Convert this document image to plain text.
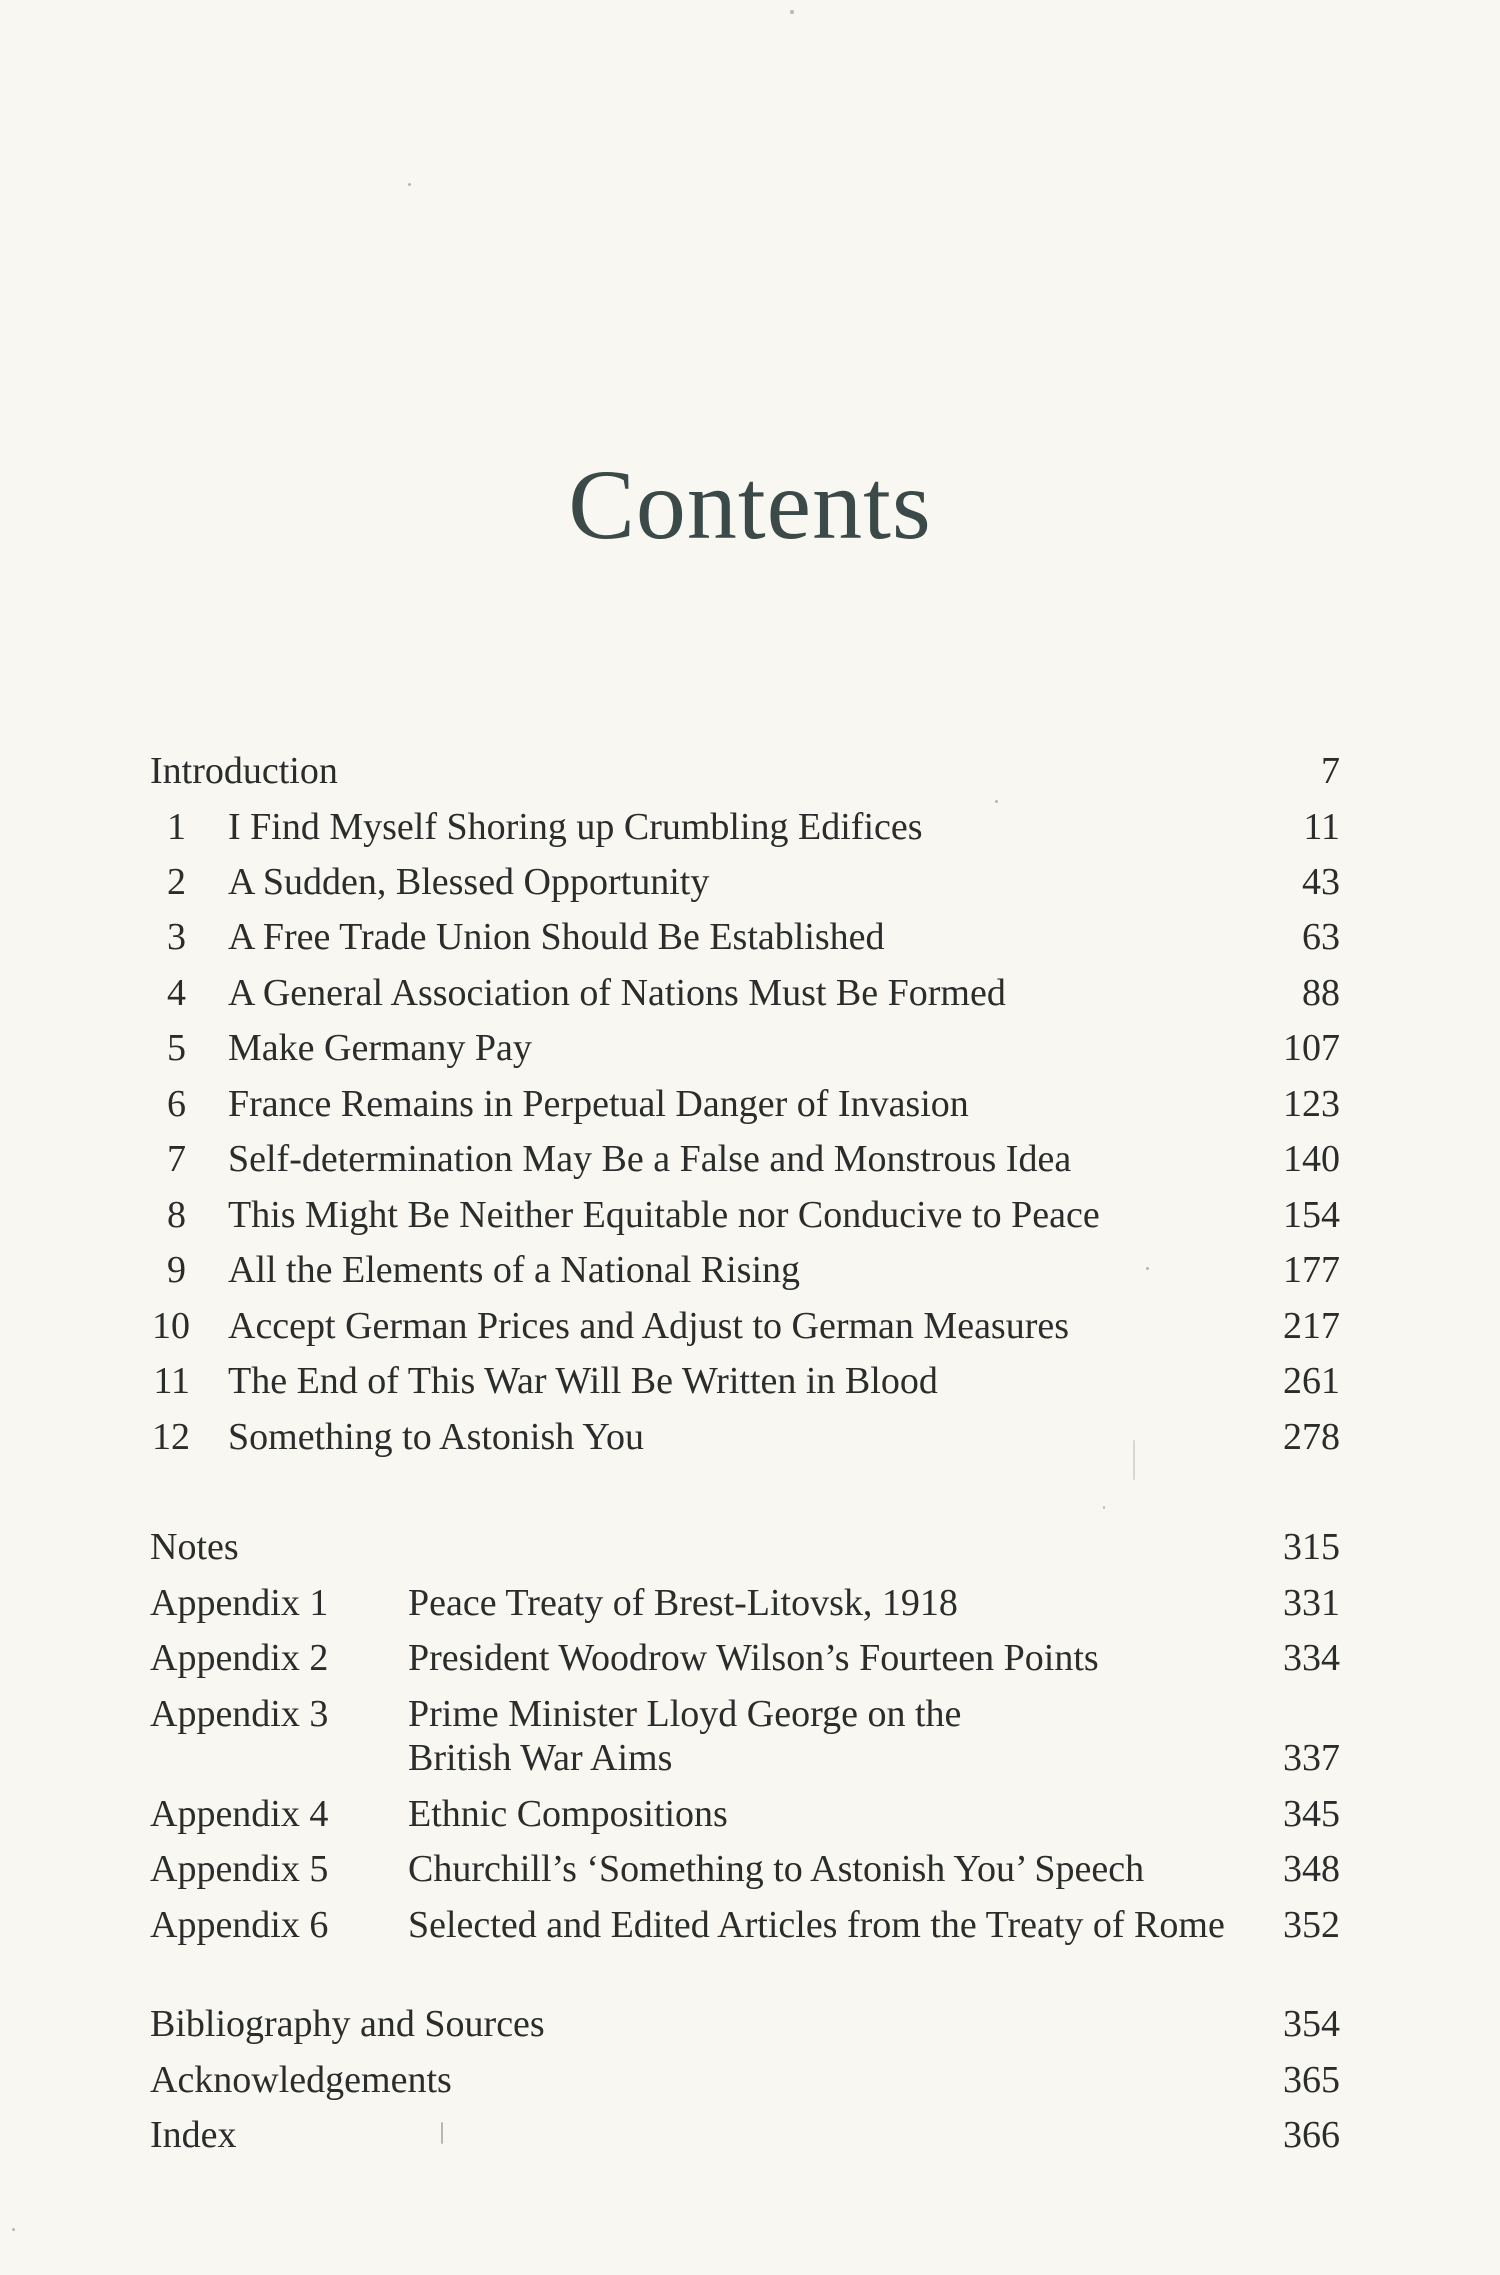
Contents
Introduction	7
1 I Find Myself Shoring up Crumbling Edifices	11
2 A Sudden, Blessed Opportunity	43
3 A Free Trade Union Should Be Established	63
4 A General Association of Nations Must Be Formed	88
5 Make Germany Pay	107
6 France Remains in Perpetual Danger of Invasion	123
7 Self-determination May Be a False and Monstrous Idea	140
8 This Might Be Neither Equitable nor Conducive to Peace	154
9 All the Elements of a National Rising	177
10 Accept German Prices and Adjust to German Measures	217
11 The End of This War Will Be Written in Blood	261
12 Something to Astonish You	278
Notes	315
Appendix 1 Peace Treaty of Brest-Litovsk, 1918	331
Appendix 2 President Woodrow Wilson’s Fourteen Points	334
Appendix 3 Prime Minister Lloyd George on the
British War Aims	337
Appendix 4 Ethnic Compositions	345
Appendix 5 Churchill’s ‘Something to Astonish You’ Speech	348
Appendix 6 Selected and Edited Articles from the Treaty of Rome 352
Bibliography and Sources	354
Acknowledgements	365
Index	366
